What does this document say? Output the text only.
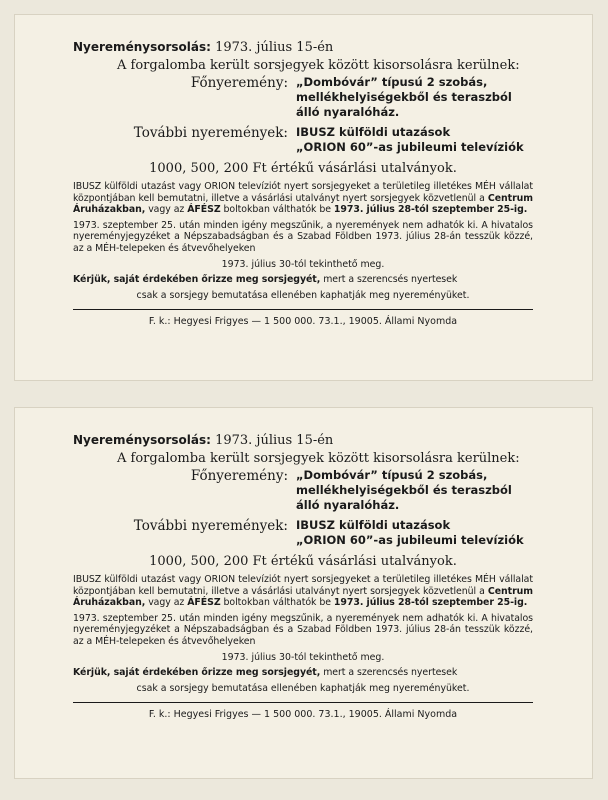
Nyereménysorsolás: 1973. július 15-én

A forgalomba került sorsjegyek között kisorsolásra kerülnek:

Főnyeremény: „Dombóvár” típusú 2 szobás, mellékhelyiségekből és teraszból álló nyaralóház.
További nyeremények: IBUSZ külföldi utazások
„ORION 60”-as jubileumi televíziók

1000, 500, 200 Ft értékű vásárlási utalványok.

IBUSZ külföldi utazást vagy ORION televíziót nyert sorsjegyeket a területileg illetékes MÉH vállalat központjában kell bemutatni, illetve a vásárlási utalványt nyert sorsjegyek közvetlenül a Centrum Áruházakban, vagy az ÁFÉSZ boltokban válthatók be 1973. július 28-tól szeptember 25-ig.

1973. szeptember 25. után minden igény megszűnik, a nyeremények nem adhatók ki. A hivatalos nyereményjegyzéket a Népszabadságban és a Szabad Földben 1973. július 28-án tesszük közzé, az a MÉH-telepeken és átvevőhelyeken

1973. július 30-tól tekinthető meg.

Kérjük, saját érdekében őrizze meg sorsjegyét, mert a szerencsés nyertesek

csak a sorsjegy bemutatása ellenében kaphatják meg nyereményüket.

F. k.: Hegyesi Frigyes — 1 500 000. 73.1., 19005. Állami Nyomda

Nyereménysorsolás: 1973. július 15-én

A forgalomba került sorsjegyek között kisorsolásra kerülnek:

Főnyeremény: „Dombóvár” típusú 2 szobás, mellékhelyiségekből és teraszból álló nyaralóház.
További nyeremények: IBUSZ külföldi utazások
„ORION 60”-as jubileumi televíziók

1000, 500, 200 Ft értékű vásárlási utalványok.

IBUSZ külföldi utazást vagy ORION televíziót nyert sorsjegyeket a területileg illetékes MÉH vállalat központjában kell bemutatni, illetve a vásárlási utalványt nyert sorsjegyek közvetlenül a Centrum Áruházakban, vagy az ÁFÉSZ boltokban válthatók be 1973. július 28-tól szeptember 25-ig.

1973. szeptember 25. után minden igény megszűnik, a nyeremények nem adhatók ki. A hivatalos nyereményjegyzéket a Népszabadságban és a Szabad Földben 1973. július 28-án tesszük közzé, az a MÉH-telepeken és átvevőhelyeken

1973. július 30-tól tekinthető meg.

Kérjük, saját érdekében őrizze meg sorsjegyét, mert a szerencsés nyertesek

csak a sorsjegy bemutatása ellenében kaphatják meg nyereményüket.

F. k.: Hegyesi Frigyes — 1 500 000. 73.1., 19005. Állami Nyomda
